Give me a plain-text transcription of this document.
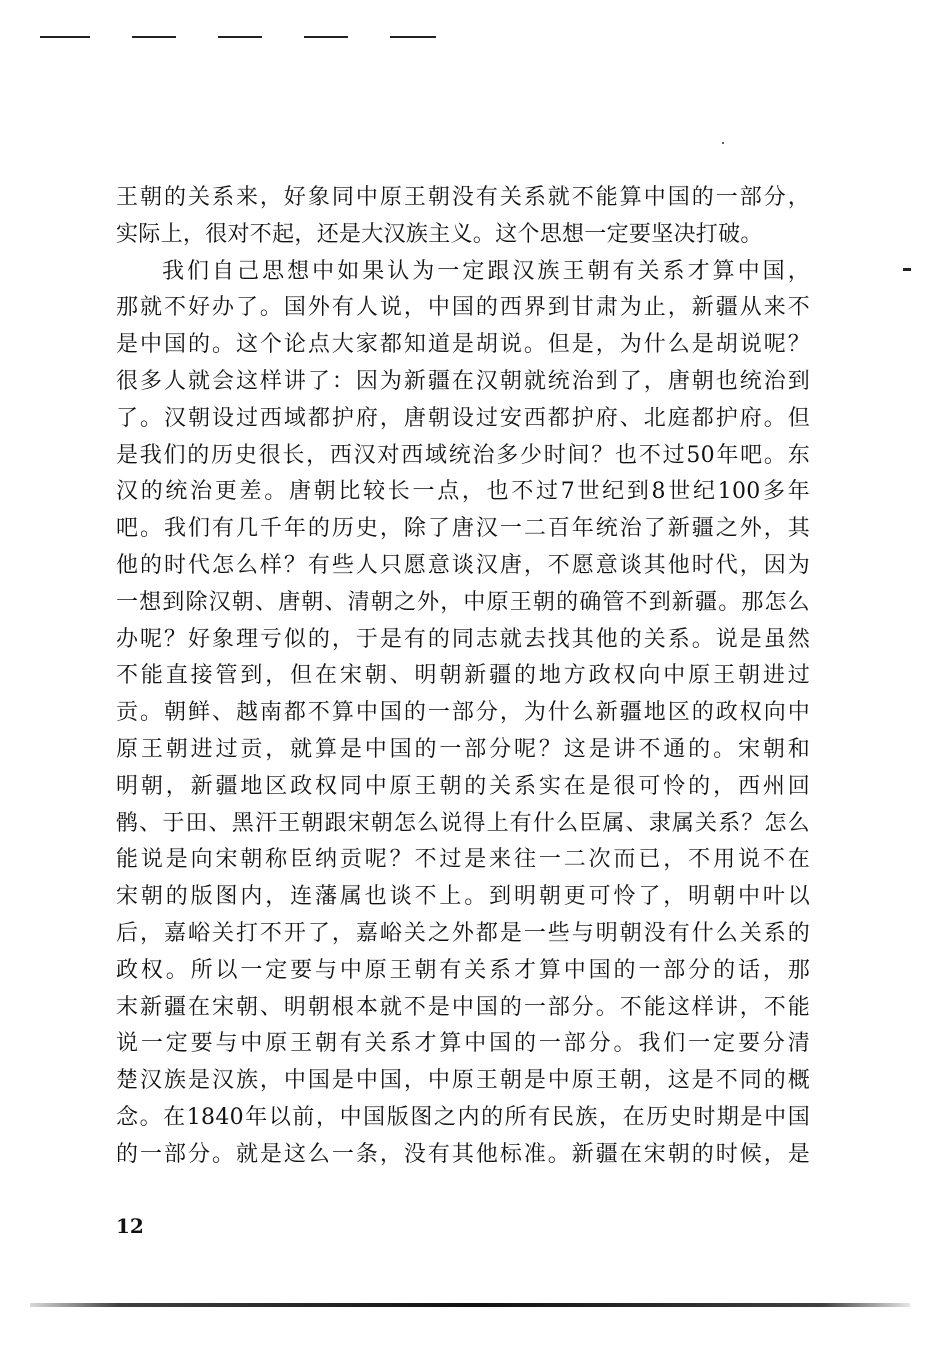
王朝的关系来，好象同中原王朝没有关系就不能算中国的一部分，
实际上，很对不起，还是大汉族主义。这个思想一定要坚决打破。
我们自己思想中如果认为一定跟汉族王朝有关系才算中国，
那就不好办了。国外有人说，中国的西界到甘肃为止，新疆从来不
是中国的。这个论点大家都知道是胡说。但是，为什么是胡说呢？
很多人就会这样讲了：因为新疆在汉朝就统治到了，唐朝也统治到
了。汉朝设过西域都护府，唐朝设过安西都护府、北庭都护府。但
是我们的历史很长，西汉对西域统治多少时间？也不过50年吧。东
汉的统治更差。唐朝比较长一点，也不过7世纪到8世纪100多年
吧。我们有几千年的历史，除了唐汉一二百年统治了新疆之外，其
他的时代怎么样？有些人只愿意谈汉唐，不愿意谈其他时代，因为
一想到除汉朝、唐朝、清朝之外，中原王朝的确管不到新疆。那怎么
办呢？好象理亏似的，于是有的同志就去找其他的关系。说是虽然
不能直接管到，但在宋朝、明朝新疆的地方政权向中原王朝进过
贡。朝鲜、越南都不算中国的一部分，为什么新疆地区的政权向中
原王朝进过贡，就算是中国的一部分呢？这是讲不通的。宋朝和
明朝，新疆地区政权同中原王朝的关系实在是很可怜的，西州回
鹘、于田、黑汗王朝跟宋朝怎么说得上有什么臣属、隶属关系？怎么
能说是向宋朝称臣纳贡呢？不过是来往一二次而已，不用说不在
宋朝的版图内，连藩属也谈不上。到明朝更可怜了，明朝中叶以
后，嘉峪关打不开了，嘉峪关之外都是一些与明朝没有什么关系的
政权。所以一定要与中原王朝有关系才算中国的一部分的话，那
末新疆在宋朝、明朝根本就不是中国的一部分。不能这样讲，不能
说一定要与中原王朝有关系才算中国的一部分。我们一定要分清
楚汉族是汉族，中国是中国，中原王朝是中原王朝，这是不同的概
念。在1840年以前，中国版图之内的所有民族，在历史时期是中国
的一部分。就是这么一条，没有其他标准。新疆在宋朝的时候，是
12
